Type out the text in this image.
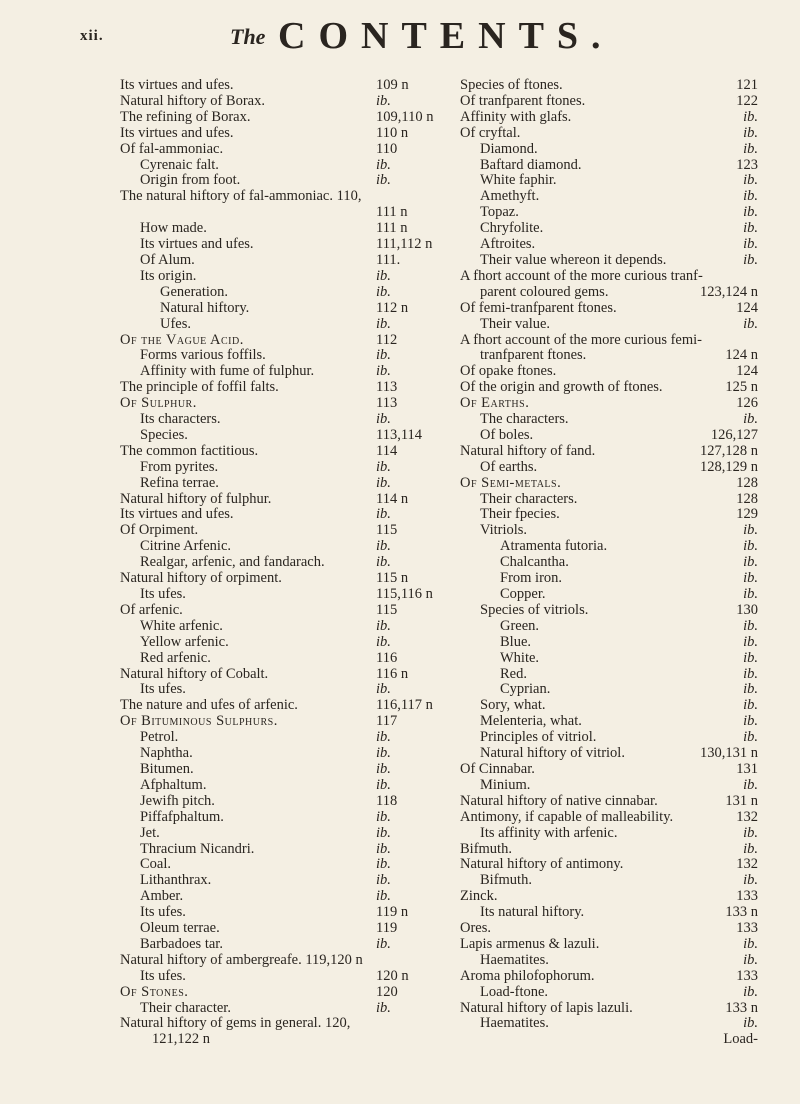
xii.	The CONTENTS.
Its virtues and ufes.	109 n
Natural hiftory of Borax.	ib.
The refining of Borax.	109,110 n
Its virtues and ufes.	110 n
Of fal-ammoniac.	110
Cyrenaic falt.	ib.
Origin from foot.	ib.
The natural hiftory of fal-ammoniac. 110,
111 n
How made.	111 n
Its virtues and ufes.	111,112 n
Of Alum.	111.
Its origin.	ib.
Generation.	ib.
Natural hiftory.	112 n
Ufes.	ib.
Of the Vague Acid.	112
Forms various foffils.	ib.
Affinity with fume of fulphur.	ib.
The principle of foffil falts.	113
Of Sulphur.	113
Its characters.	ib.
Species.	113,114
The common factitious.	114
From pyrites.	ib.
Refina terrae.	ib.
Natural hiftory of fulphur.	114 n
Its virtues and ufes.	ib.
Of Orpiment.	115
Citrine Arfenic.	ib.
Realgar, arfenic, and fandarach.	ib.
Natural hiftory of orpiment.	115 n
Its ufes.	115,116 n
Of arfenic.	115
White arfenic.	ib.
Yellow arfenic.	ib.
Red arfenic.	116
Natural hiftory of Cobalt.	116 n
Its ufes.	ib.
The nature and ufes of arfenic.	116,117 n
Of Bituminous Sulphurs.	117
Petrol.	ib.
Naphtha.	ib.
Bitumen.	ib.
Afphaltum.	ib.
Jewifh pitch.	118
Piffafphaltum.	ib.
Jet.	ib.
Thracium Nicandri.	ib.
Coal.	ib.
Lithanthrax.	ib.
Amber.	ib.
Its ufes.	119 n
Oleum terrae.	119
Barbadoes tar.	ib.
Natural hiftory of ambergreafe. 119,120 n
Its ufes.	120 n
Of Stones.	120
Their character.	ib.
Natural hiftory of gems in general. 120,
121,122 n
Species of ftones.	121
Of tranfparent ftones.	122
Affinity with glafs.	ib.
Of cryftal.	ib.
Diamond.	ib.
Baftard diamond.	123
White faphir.	ib.
Amethyft.	ib.
Topaz.	ib.
Chryfolite.	ib.
Aftroites.	ib.
Their value whereon it depends.	ib.
A fhort account of the more curious tranf-
parent coloured gems.	123,124 n
Of femi-tranfparent ftones.	124
Their value.	ib.
A fhort account of the more curious femi-
tranfparent ftones.	124 n
Of opake ftones.	124
Of the origin and growth of ftones.	125 n
Of Earths.	126
The characters.	ib.
Of boles.	126,127
Natural hiftory of fand.	127,128 n
Of earths.	128,129 n
Of Semi-metals.	128
Their characters.	128
Their fpecies.	129
Vitriols.	ib.
Atramenta futoria.	ib.
Chalcantha.	ib.
From iron.	ib.
Copper.	ib.
Species of vitriols.	130
Green.	ib.
Blue.	ib.
White.	ib.
Red.	ib.
Cyprian.	ib.
Sory, what.	ib.
Melenteria, what.	ib.
Principles of vitriol.	ib.
Natural hiftory of vitriol.	130,131 n
Of Cinnabar.	131
Minium.	ib.
Natural hiftory of native cinnabar.	131 n
Antimony, if capable of malleability.	132
Its affinity with arfenic.	ib.
Bifmuth.	ib.
Natural hiftory of antimony.	132
Bifmuth.	ib.
Zinck.	133
Its natural hiftory.	133 n
Ores.	133
Lapis armenus & lazuli.	ib.
Haematites.	ib.
Aroma philofophorum.	133
Load-ftone.	ib.
Natural hiftory of lapis lazuli.	133 n
Haematites.	ib.
Load-
